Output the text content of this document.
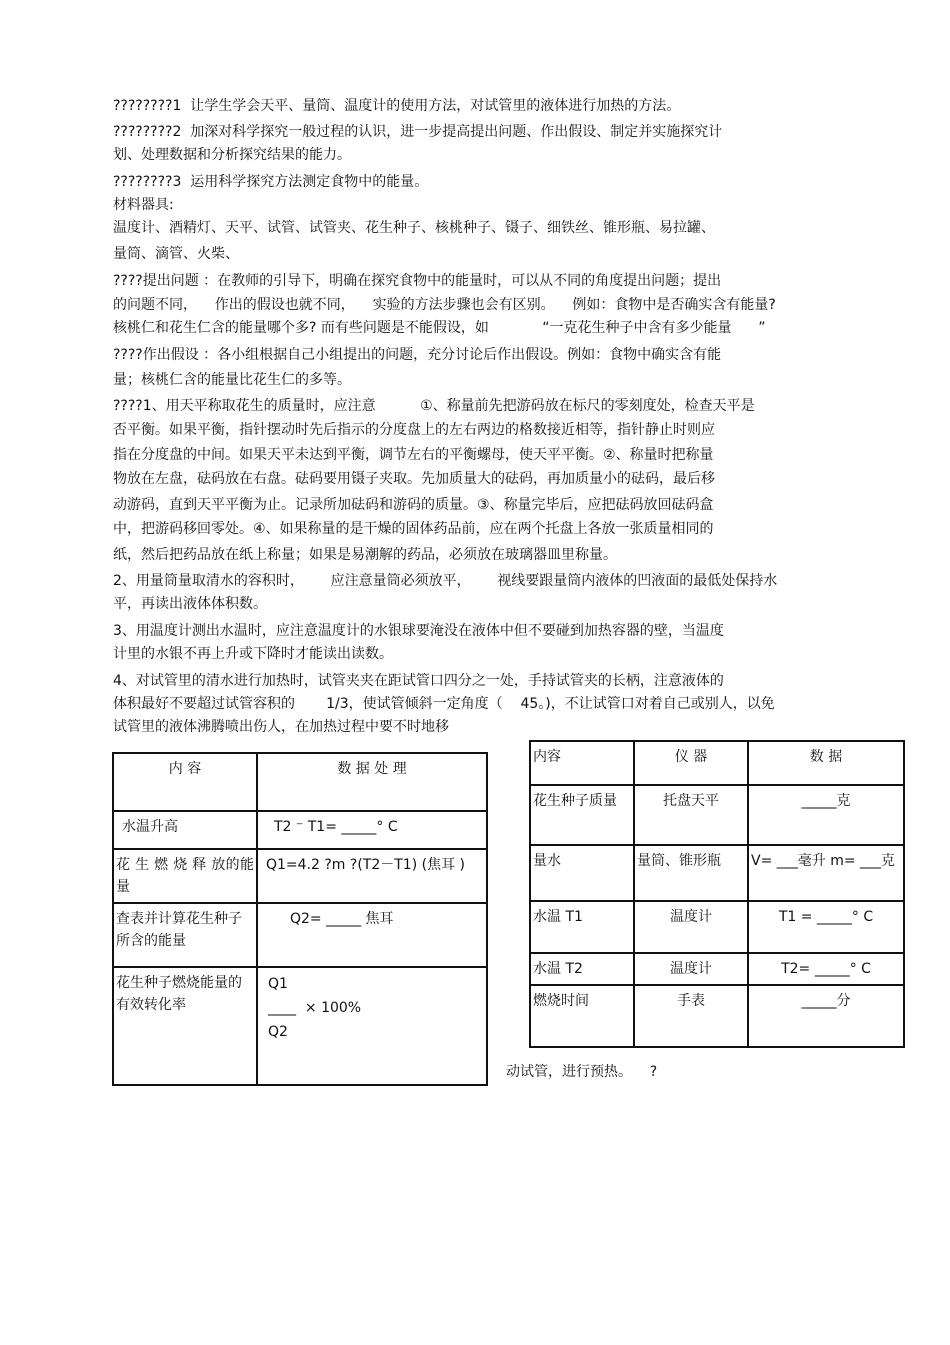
????????1  让学生学会天平、量筒、温度计的使用方法，对试管里的液体进行加热的方法。
????????2  加深对科学探究一般过程的认识，进一步提高提出问题、作出假设、制定并实施探究计
划、处理数据和分析探究结果的能力。
????????3  运用科学探究方法测定食物中的能量。
材料器具:
温度计、酒精灯、天平、试管、试管夹、花生种子、核桃种子、镊子、细铁丝、锥形瓶、易拉罐、
量筒、滴管、火柴、
????提出问题 ：在教师的引导下，明确在探究食物中的能量时，可以从不同的角度提出问题；提出
的问题不同，    作出的假设也就不同，    实验的方法步骤也会有区别。    例如：食物中是否确实含有能量?
核桃仁和花生仁含的能量哪个多? 而有些问题是不能假设，如            “一克花生种子中含有多少能量      ”
????作出假设 ：各小组根据自己小组提出的问题，充分讨论后作出假设。例如：食物中确实含有能
量；核桃仁含的能量比花生仁的多等。
????1、用天平称取花生的质量时，应注意          ①、称量前先把游码放在标尺的零刻度处，检查天平是
否平衡。如果平衡，指针摆动时先后指示的分度盘上的左右两边的格数接近相等，指针静止时则应
指在分度盘的中间。如果天平未达到平衡，调节左右的平衡螺母，使天平平衡。②、称量时把称量
物放在左盘，砝码放在右盘。砝码要用镊子夹取。先加质量大的砝码，再加质量小的砝码，最后移
动游码，直到天平平衡为止。记录所加砝码和游码的质量。③、称量完毕后，应把砝码放回砝码盒
中，把游码移回零处。④、如果称量的是干燥的固体药品前，应在两个托盘上各放一张质量相同的
纸，然后把药品放在纸上称量；如果是易潮解的药品，必须放在玻璃器皿里称量。
2、用量筒量取清水的容积时，      应注意量筒必须放平，      视线要跟量筒内液体的凹液面的最低处保持水
平，再读出液体体积数。
3、用温度计测出水温时，应注意温度计的水银球要淹没在液体中但不要碰到加热容器的壁，当温度
计里的水银不再上升或下降时才能读出读数。
4、对试管里的清水进行加热时，试管夹夹在距试管口四分之一处，手持试管夹的长柄，注意液体的
体积最好不要超过试管容积的       1/3，使试管倾斜一定角度（    45。)，不让试管口对着自己或别人，以免
试管里的液体沸腾喷出伤人，在加热过程中要不时地移
内 容	数 据 处 理
水温升高	T2 ⁻ T1= _____° C
花 生 燃 烧 释 放的能量	Q1=4.2 ?m ?(T2－T1) (焦耳 )
查表并计算花生种子所含的能量	Q2= _____ 焦耳
花生种子燃烧能量的有效转化率	Q1
____  × 100%
Q2
内容	仪 器	数 据
花生种子质量	托盘天平	_____克
量水	量筒、锥形瓶	V= ___毫升 m= ___克
水温 T1	温度计	T1 = _____° C
水温 T2	温度计	T2= _____° C
燃烧时间	手表	_____分
动试管，进行预热。    ?
